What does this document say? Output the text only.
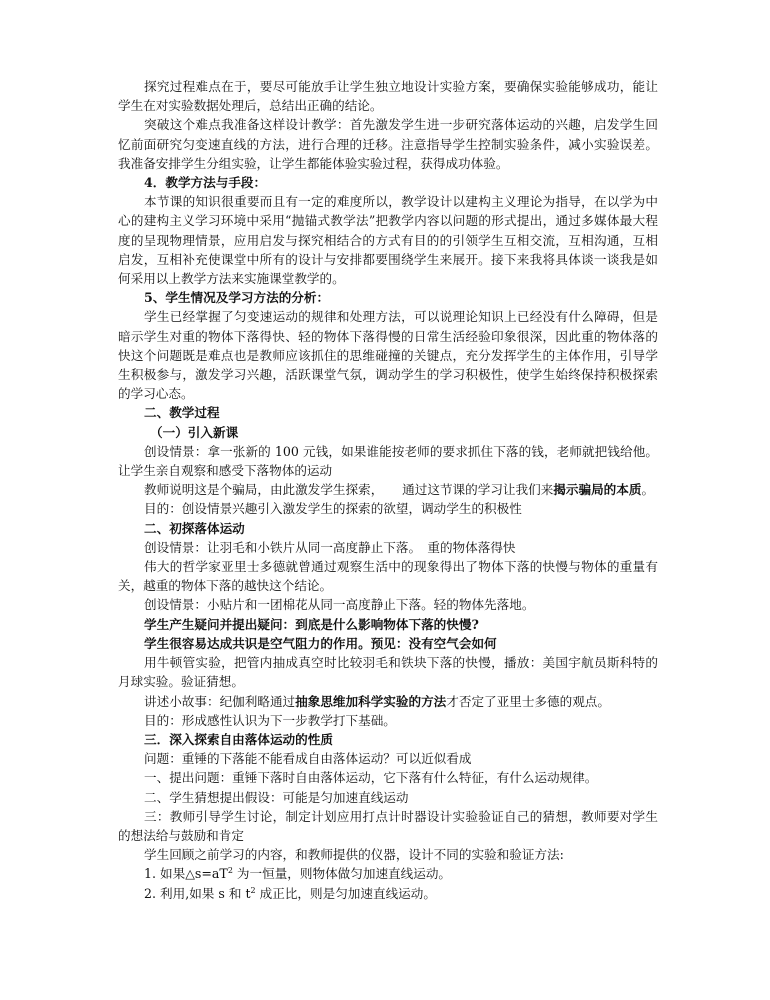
探究过程难点在于，要尽可能放手让学生独立地设计实验方案，要确保实验能够成功，能让学生在对实验数据处理后，总结出正确的结论。

突破这个难点我准备这样设计教学：首先激发学生进一步研究落体运动的兴趣，启发学生回忆前面研究匀变速直线的方法，进行合理的迁移。注意指导学生控制实验条件，减小实验误差。我准备安排学生分组实验，让学生都能体验实验过程，获得成功体验。

4．教学方法与手段：

本节课的知识很重要而且有一定的难度所以，教学设计以建构主义理论为指导，在以学为中心的建构主义学习环境中采用“抛锚式教学法”把教学内容以问题的形式提出，通过多媒体最大程度的呈现物理情景，应用启发与探究相结合的方式有目的的引领学生互相交流，互相沟通，互相启发，互相补充使课堂中所有的设计与安排都要围绕学生来展开。接下来我将具体谈一谈我是如何采用以上教学方法来实施课堂教学的。

5、学生情况及学习方法的分析：

学生已经掌握了匀变速运动的规律和处理方法，可以说理论知识上已经没有什么障碍，但是暗示学生对重的物体下落得快、轻的物体下落得慢的日常生活经验印象很深，因此重的物体落的快这个问题既是难点也是教师应该抓住的思维碰撞的关键点，充分发挥学生的主体作用，引导学生积极参与，激发学习兴趣，活跃课堂气氛，调动学生的学习积极性，使学生始终保持积极探索的学习心态。

二、教学过程

（一）引入新课

创设情景：拿一张新的 100 元钱，如果谁能按老师的要求抓住下落的钱，老师就把钱给他。让学生亲自观察和感受下落物体的运动

教师说明这是个骗局，由此激发学生探索，　　通过这节课的学习让我们来揭示骗局的本质。

目的：创设情景兴趣引入激发学生的探索的欲望，调动学生的积极性

二、初探落体运动

创设情景：让羽毛和小铁片从同一高度静止下落。　重的物体落得快

伟大的哲学家亚里士多德就曾通过观察生活中的现象得出了物体下落的快慢与物体的重量有关，越重的物体下落的越快这个结论。

创设情景：小贴片和一团棉花从同一高度静止下落。轻的物体先落地。

学生产生疑问并提出疑问：到底是什么影响物体下落的快慢?

学生很容易达成共识是空气阻力的作用。预见：没有空气会如何

用牛顿管实验，把管内抽成真空时比较羽毛和铁块下落的快慢，播放：美国宇航员斯科特的月球实验。验证猜想。

讲述小故事：纪伽利略通过抽象思维加科学实验的方法才否定了亚里士多德的观点。

目的：形成感性认识为下一步教学打下基础。

三．深入探索自由落体运动的性质

问题：重锤的下落能不能看成自由落体运动？可以近似看成

一、提出问题：重锤下落时自由落体运动，它下落有什么特征，有什么运动规律。

二、学生猜想提出假设：可能是匀加速直线运动

三：教师引导学生讨论，制定计划应用打点计时器设计实验验证自己的猜想，教师要对学生的想法给与鼓励和肯定

学生回顾之前学习的内容，和教师提供的仪器，设计不同的实验和验证方法:

1. 如果$\triangle s=aT^2$ 为一恒量，则物体做匀加速直线运动。

2. 利用,如果 s 和 $t^2$ 成正比，则是匀加速直线运动。
